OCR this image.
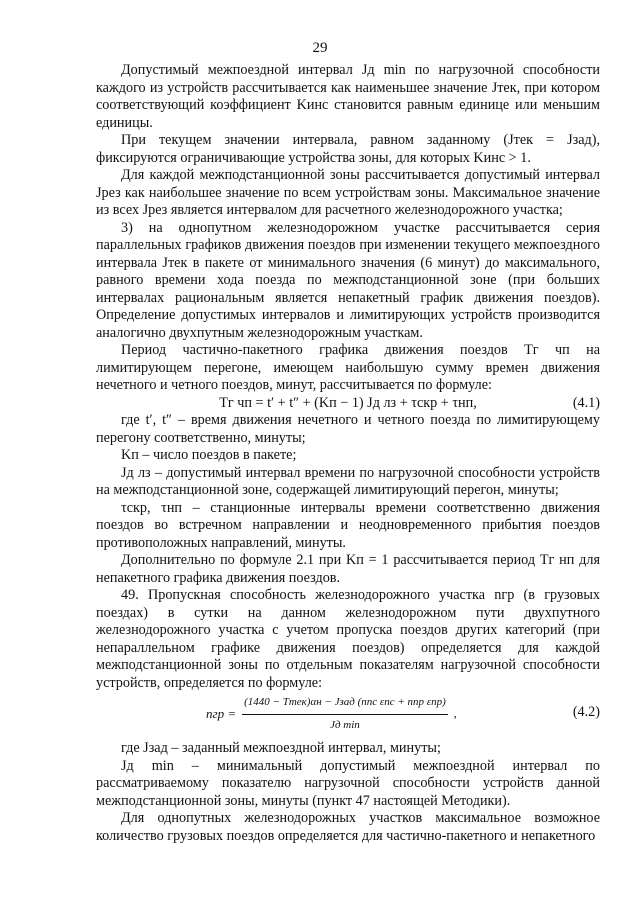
29

Допустимый межпоездной интервал Jд min по нагрузочной способности каждого из устройств рассчитывается как наименьшее значение Jтек, при котором соответствующий коэффициент Kинс становится равным единице или меньшим единицы.

При текущем значении интервала, равном заданному (Jтек = Jзад), фиксируются ограничивающие устройства зоны, для которых Kинс > 1.

Для каждой межподстанционной зоны рассчитывается допустимый интервал Jрез как наибольшее значение по всем устройствам зоны. Максимальное значение из всех Jрез является интервалом для расчетного железнодорожного участка;

3) на однопутном железнодорожном участке рассчитывается серия параллельных графиков движения поездов при изменении текущего межпоездного интервала Jтек в пакете от минимального значения (6 минут) до максимального, равного времени хода поезда по межподстанционной зоне (при больших интервалах рациональным является непакетный график движения поездов). Определение допустимых интервалов и лимитирующих устройств производится аналогично двухпутным железнодорожным участкам.

Период частично-пакетного графика движения поездов Tг чп на лимитирующем перегоне, имеющем наибольшую сумму времен движения нечетного и четного поездов, минут, рассчитывается по формуле:

Tг чп = t′ + t″ + (Kп − 1) Jд лз + τскр + τнп,	(4.1)

где t′, t″ – время движения нечетного и четного поезда по лимитирующему перегону соответственно, минуты;

Kп – число поездов в пакете;

Jд лз – допустимый интервал времени по нагрузочной способности устройств на межподстанционной зоне, содержащей лимитирующий перегон, минуты;

τскр, τнп – станционные интервалы времени соответственно движения поездов во встречном направлении и неодновременного прибытия поездов противоположных направлений, минуты.

Дополнительно по формуле 2.1 при Kп = 1 рассчитывается период Tг нп для непакетного графика движения поездов.

49. Пропускная способность железнодорожного участка nгр (в грузовых поездах) в сутки на данном железнодорожном пути двухпутного железнодорожного участка с учетом пропуска поездов других категорий (при непараллельном графике движения поездов) определяется для каждой межподстанционной зоны по отдельным показателям нагрузочной способности устройств, определяется по формуле:

nгр = $\frac{\text{(1440 − Tтек)αн − Jзад (nпс εпс + nпр εпр)}}{\text{Jд min}}$ ,	(4.2)

где Jзад – заданный межпоездной интервал, минуты;

Jд min – минимальный допустимый межпоездной интервал по рассматриваемому показателю нагрузочной способности устройств данной межподстанционной зоны, минуты (пункт 47 настоящей Методики).

Для однопутных железнодорожных участков максимальное возможное количество грузовых поездов определяется для частично-пакетного и непакетного
